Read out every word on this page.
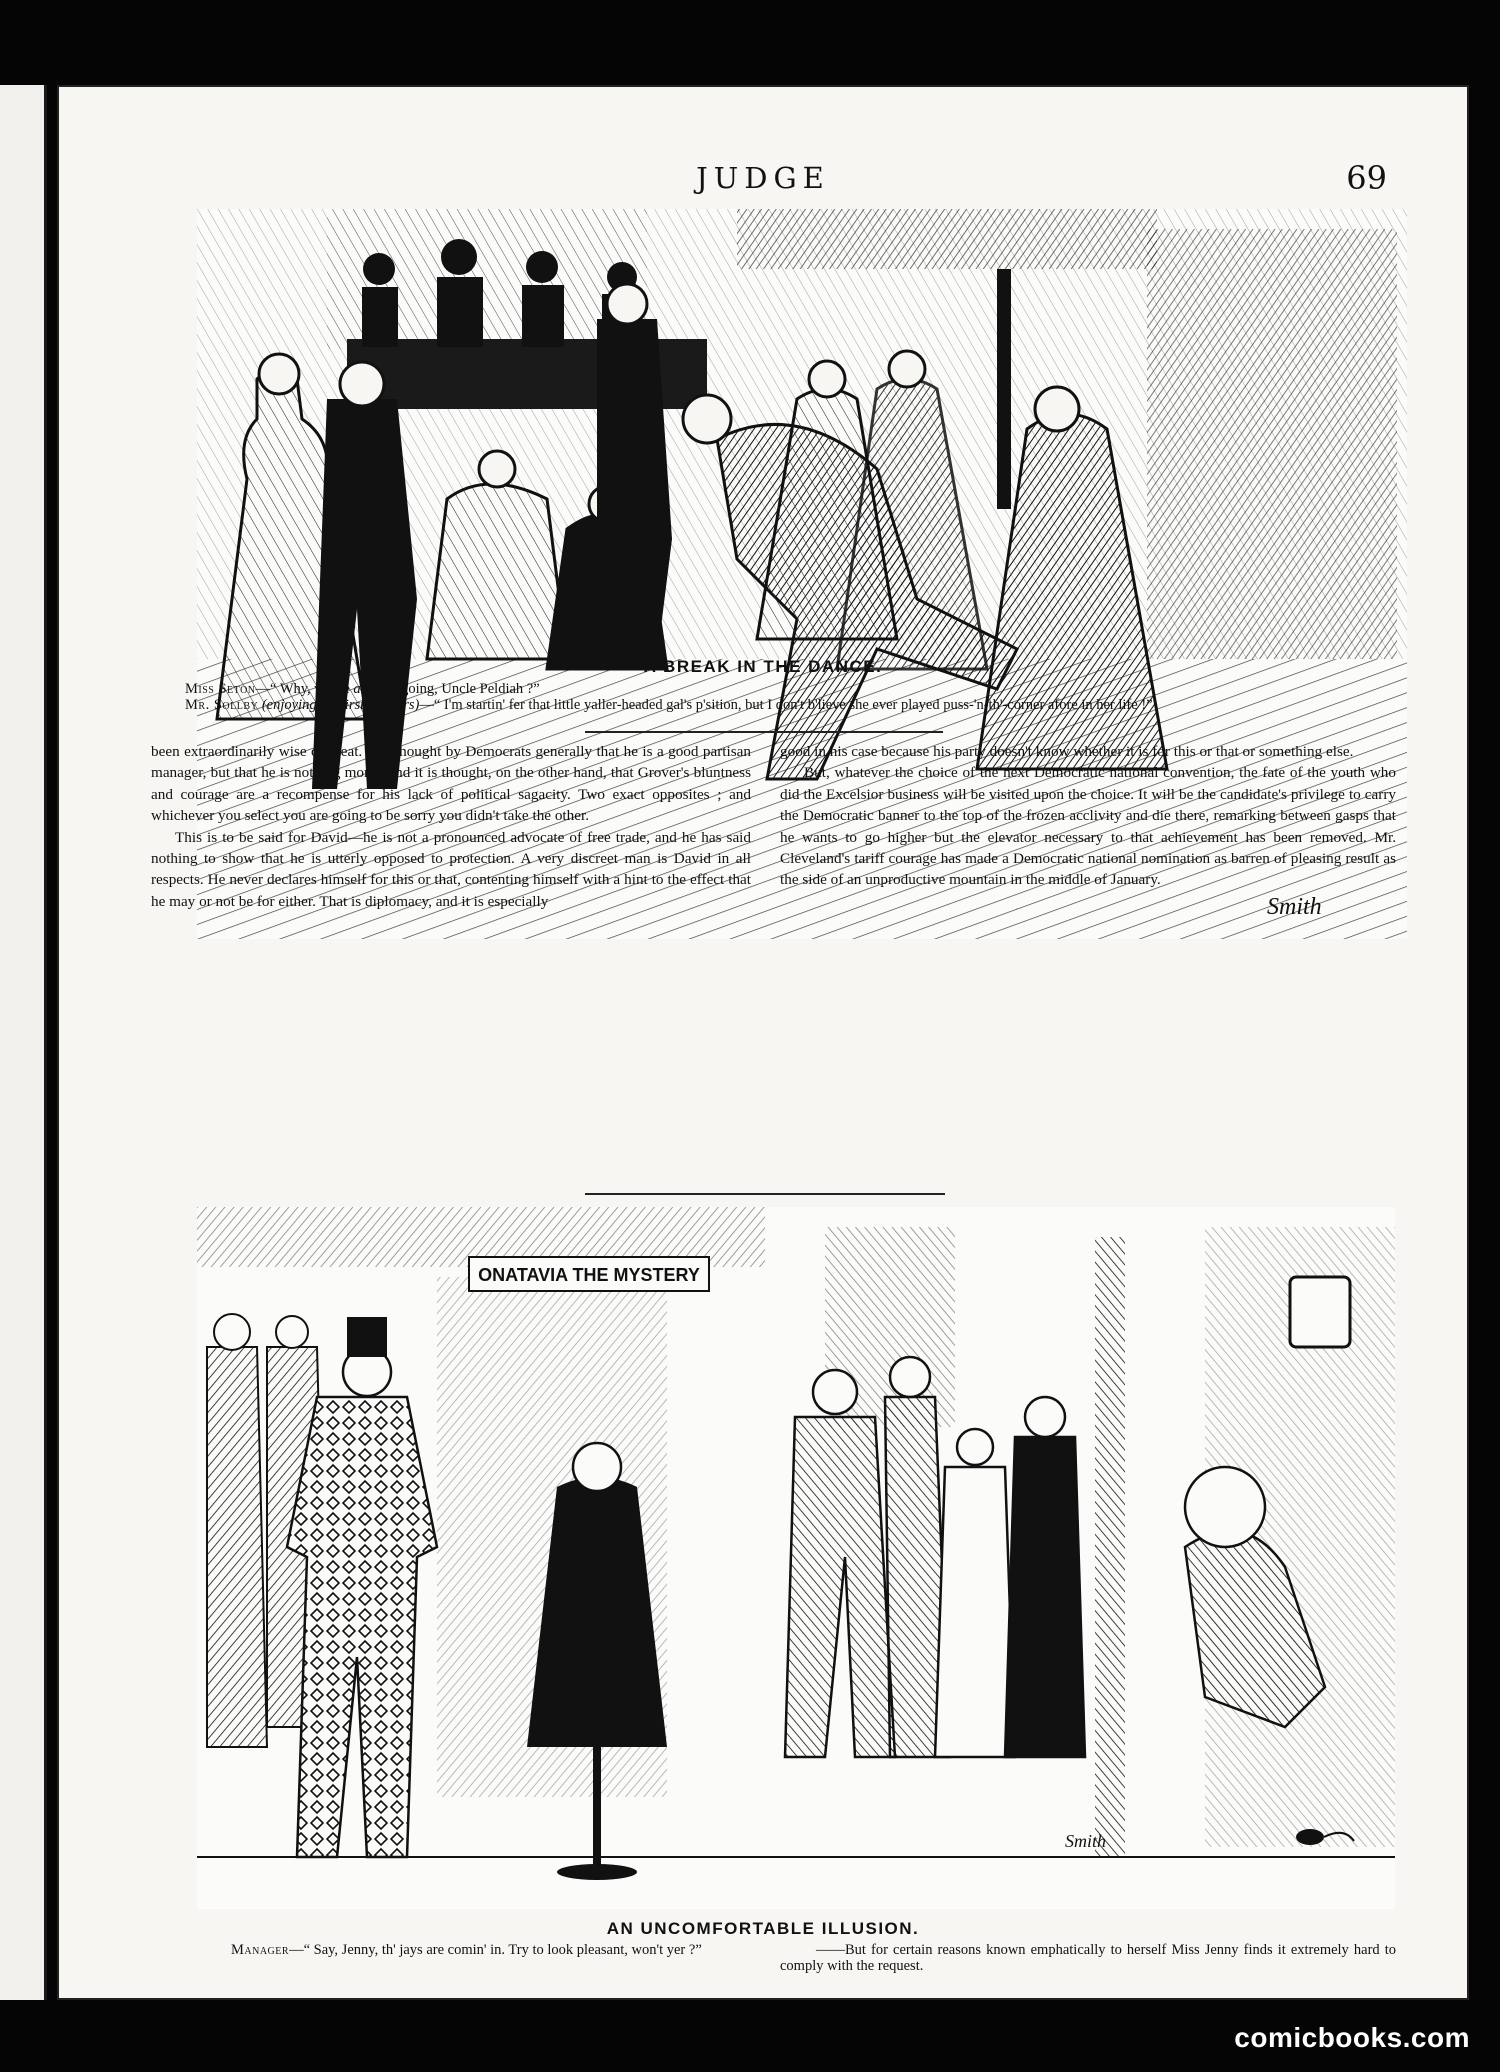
JUDGE	69
Smith
A BREAK IN THE DANCE.
Miss Seton—“ Why, where are you going, Uncle Peldiah ?”
Mr. Sollby (enjoying his first lanciers)—“ I'm startin' fer that little yaller-headed gal's p'sition, but I don't b'lieve she ever played puss-'n-th'-corner afore in her life !”

been extraordinarily wise or great. It is thought by Democrats generally that he is a good partisan manager, but that he is nothing more ; and it is thought, on the other hand, that Grover's bluntness and courage are a recompense for his lack of political sagacity. Two exact opposites ; and whichever you select you are going to be sorry you didn't take the other.

This is to be said for David—he is not a pronounced advocate of free trade, and he has said nothing to show that he is utterly opposed to protection. A very discreet man is David in all respects. He never declares himself for this or that, contenting himself with a hint to the effect that he may or not be for either. That is diplomacy, and it is especially

good in his case because his party doesn't know whether it is for this or that or something else.

But, whatever the choice of the next Democratic national convention, the fate of the youth who did the Excelsior business will be visited upon the choice. It will be the candidate's privilege to carry the Democratic banner to the top of the frozen acclivity and die there, remarking between gasps that he wants to go higher but the elevator necessary to that achievement has been removed. Mr. Cleveland's tariff courage has made a Democratic national nomination as barren of pleasing result as the side of an unproductive mountain in the middle of January.

ONATAVIA THE MYSTERY
Smith
AN UNCOMFORTABLE ILLUSION.
Manager—“ Say, Jenny, th' jays are comin' in. Try to look pleasant, won't yer ?”	——But for certain reasons known emphatically to herself Miss Jenny finds it extremely hard to comply with the request.
comicbooks.com
